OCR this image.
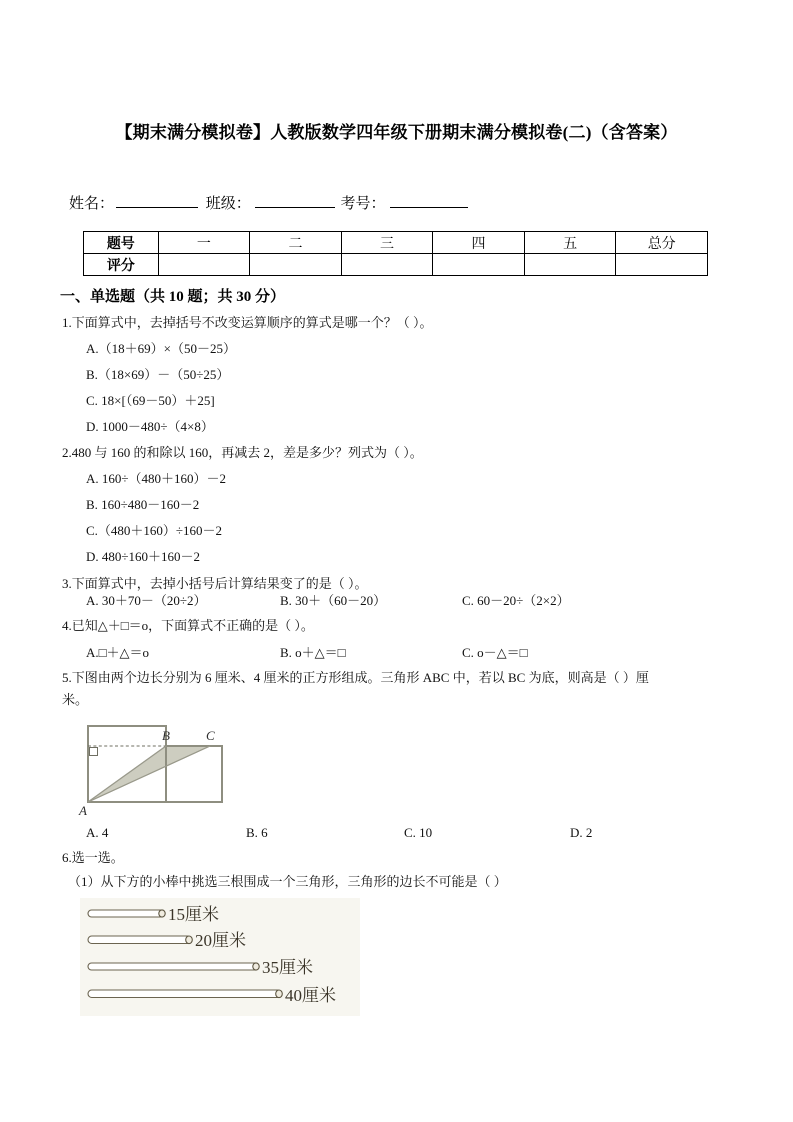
【期末满分模拟卷】人教版数学四年级下册期末满分模拟卷(二)（含答案）
姓名：	班级：	考号：
题号	一	二	三	四	五	总分
评分						
一、单选题（共 10 题；共 30 分）
1.下面算式中，去掉括号不改变运算顺序的算式是哪一个？（ ）。
A.（18＋69）×（50－25）
B.（18×69）－（50÷25）
C. 18×[（69－50）＋25]
D. 1000－480÷（4×8）
2.480 与 160 的和除以 160，再减去 2，差是多少？列式为（ ）。
A. 160÷（480＋160）－2
B. 160÷480－160－2
C.（480＋160）÷160－2
D. 480÷160＋160－2
3.下面算式中，去掉小括号后计算结果变了的是（ ）。
A. 30＋70－（20÷2）	B. 30＋（60－20）	C. 60－20÷（2×2）
4.已知△＋□＝o，下面算式不正确的是（ ）。
A.□＋△＝o	B. o＋△＝□	C. o－△＝□
5.下图由两个边长分别为 6 厘米、4 厘米的正方形组成。三角形 ABC 中，若以 BC 为底，则高是（ ）厘
米。
A
B	C
A. 4	B. 6	C. 10	D. 2
6.选一选。
（1）从下方的小棒中挑选三根围成一个三角形，三角形的边长不可能是（ ）
15厘米
20厘米
35厘米
40厘米
